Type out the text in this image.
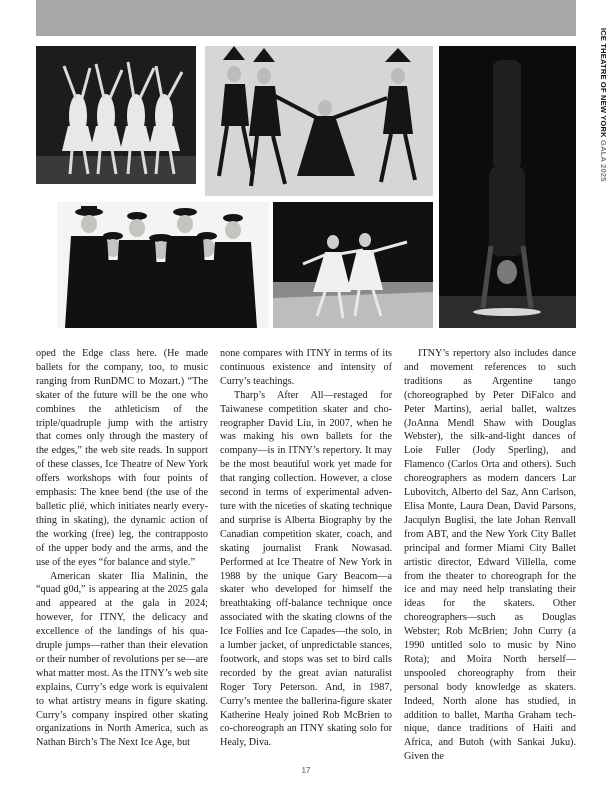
ICE THEATRE OF NEW YORK GALA 2025

oped the Edge class here. (He made ballets for the company, too, to music ranging from RunDMC to Mozart.) “The skater of the future will be the one who combines the athleticism of the triple/quadruple jump with the artistry that comes only through the mastery of the edges,” the web site reads. In support of these classes, Ice Theatre of New York offers workshops with four points of emphasis: The knee bend (the use of the balletic plié, which initiates nearly everything in skating), the dynamic action of the working (free) leg, the contrapposto of the upper body and the arms, and the use of the eyes “for balance and style.”

American skater Ilia Malinin, the “quad g0d,” is appearing at the 2025 gala and appeared at the gala in 2024; however, for ITNY, the delicacy and excellence of the landings of his quadruple jumps—rather than their elevation or their number of revolutions per se—are what matter most. As the ITNY’s web site explains, Curry’s edge work is equivalent to what artistry means in figure skating. Curry’s company inspired other skating organizations in North America, such as Nathan Birch’s The Next Ice Age, but

none compares with ITNY in terms of its continuous existence and intensity of Curry’s teachings.

Tharp’s After All—restaged for Taiwanese competition skater and choreographer David Liu, in 2007, when he was making his own ballets for the company—is in ITNY’s repertory. It may be the most beautiful work yet made for that ranging collection. However, a close second in terms of experimental adventure with the niceties of skating technique and surprise is Alberta Biography by the Canadian competition skater, coach, and skating journalist Frank Nowasad. Performed at Ice Theatre of New York in 1988 by the unique Gary Beacom—a skater who developed for himself the breathtaking off-balance technique once associated with the skating clowns of the Ice Follies and Ice Capades—the solo, in a lumber jacket, of unpredictable stances, footwork, and stops was set to bird calls recorded by the great avian naturalist Roger Tory Peterson. And, in 1987, Curry’s mentee the ballerina-figure skater Katherine Healy joined Rob McBrien to co-choreograph an ITNY skating solo for Healy, Diva.

ITNY’s repertory also includes dance and movement references to such traditions as Argentine tango (choreographed by Peter DiFalco and Peter Martins), aerial ballet, waltzes (JoAnna Mendl Shaw with Douglas Webster), the silk-and-light dances of Loie Fuller (Jody Sperling), and Flamenco (Carlos Orta and others). Such choreographers as modern dancers Lar Lubovitch, Alberto del Saz, Ann Carlson, Elisa Monte, Laura Dean, David Parsons, Jacqulyn Buglisi, the late Johan Renvall from ABT, and the New York City Ballet principal and former Miami City Ballet artistic director, Edward Villella, come from the theater to choreograph for the ice and may need help translating their ideas for the skaters. Other choreographers—such as Douglas Webster; Rob McBrien; John Curry (a 1990 untitled solo to music by Nino Rota); and Moira North herself—unspooled choreography from their personal body knowledge as skaters. Indeed, North alone has studied, in addition to ballet, Martha Graham technique, dance traditions of Haiti and Africa, and Butoh (with Sankai Juku). Given the

17
